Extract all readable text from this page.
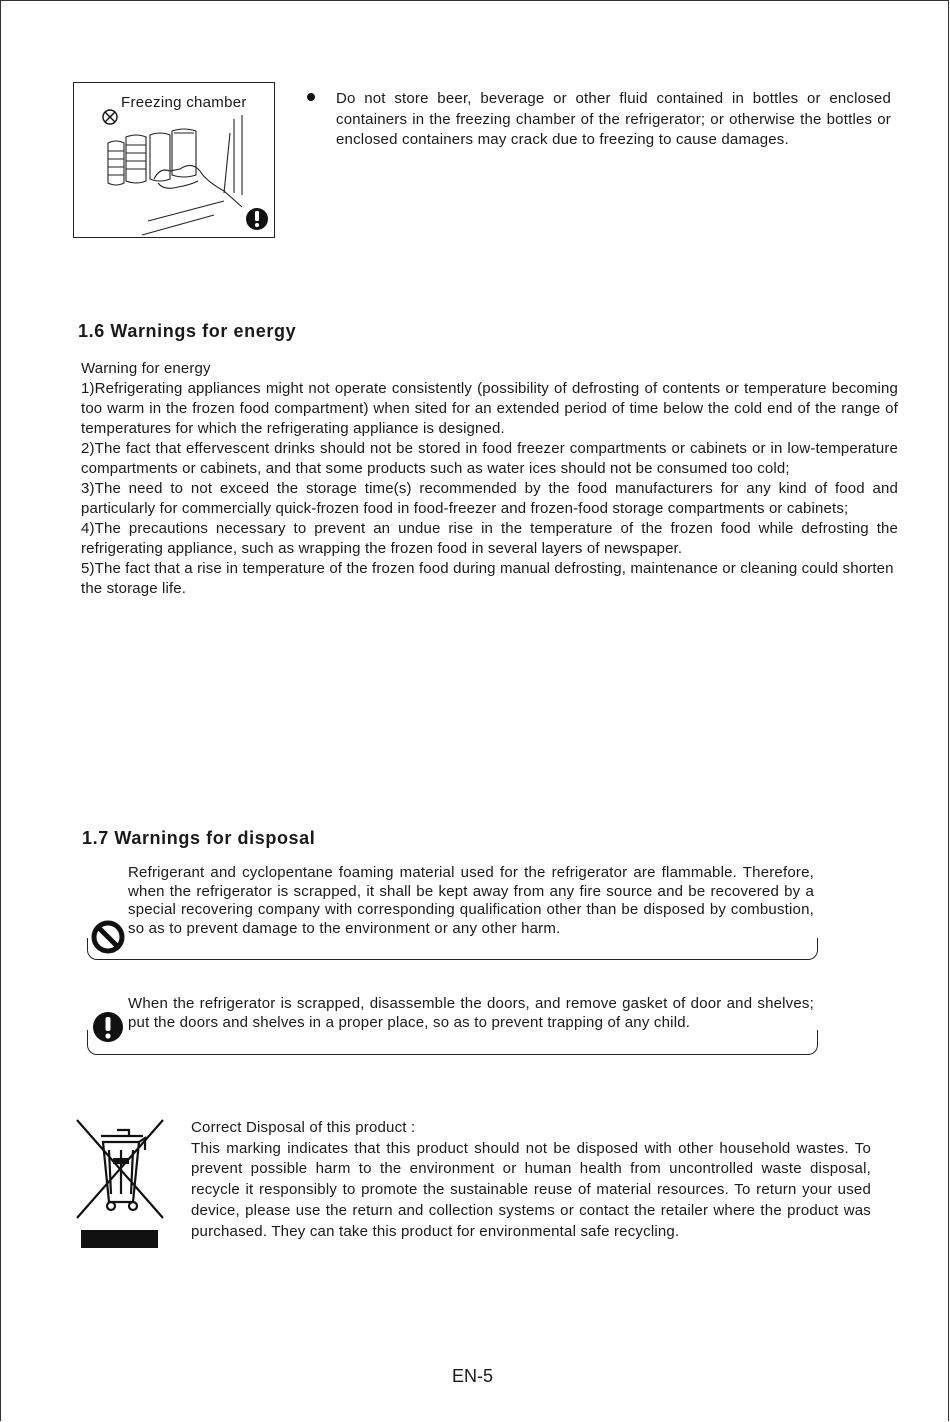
Freezing chamber	Do not store beer, beverage or other fluid contained in bottles or enclosed containers in the freezing chamber of the refrigerator; or otherwise the bottles or enclosed containers may crack due to freezing to cause damages.
1.6 Warnings for energy

Warning for energy

1)Refrigerating appliances might not operate consistently (possibility of defrosting of contents or temperature becoming too warm in the frozen food compartment) when sited for an extended period of time below the cold end of the range of temperatures for which the refrigerating appliance is designed.

2)The fact that effervescent drinks should not be stored in food freezer compartments or cabinets or in low-temperature compartments or cabinets, and that some products such as water ices should not be consumed too cold;

3)The need to not exceed the storage time(s) recommended by the food manufacturers for any kind of food and particularly for commercially quick-frozen food in food-freezer and frozen-food storage compartments or cabinets;

4)The precautions necessary to prevent an undue rise in the temperature of the frozen food while defrosting the refrigerating appliance, such as wrapping the frozen food in several layers of newspaper.

5)The fact that a rise in temperature of the frozen food during manual defrosting, maintenance or cleaning could shorten the storage life.

1.7 Warnings for disposal
Refrigerant and cyclopentane foaming material used for the refrigerator are flammable. Therefore, when the refrigerator is scrapped, it shall be kept away from any fire source and be recovered by a special recovering company with corresponding qualification other than be disposed by combustion, so as to prevent damage to the environment or any other harm.
When the refrigerator is scrapped, disassemble the doors, and remove gasket of door and shelves; put the doors and shelves in a proper place, so as to prevent trapping of any child.

Correct Disposal of this product :

This marking indicates that this product should not be disposed with other household wastes. To prevent possible harm to the environment or human health from uncontrolled waste disposal, recycle it responsibly to promote the sustainable reuse of material resources. To return your used device, please use the return and collection systems or contact the retailer where the product was purchased. They can take this product for environmental safe recycling.

EN-5
